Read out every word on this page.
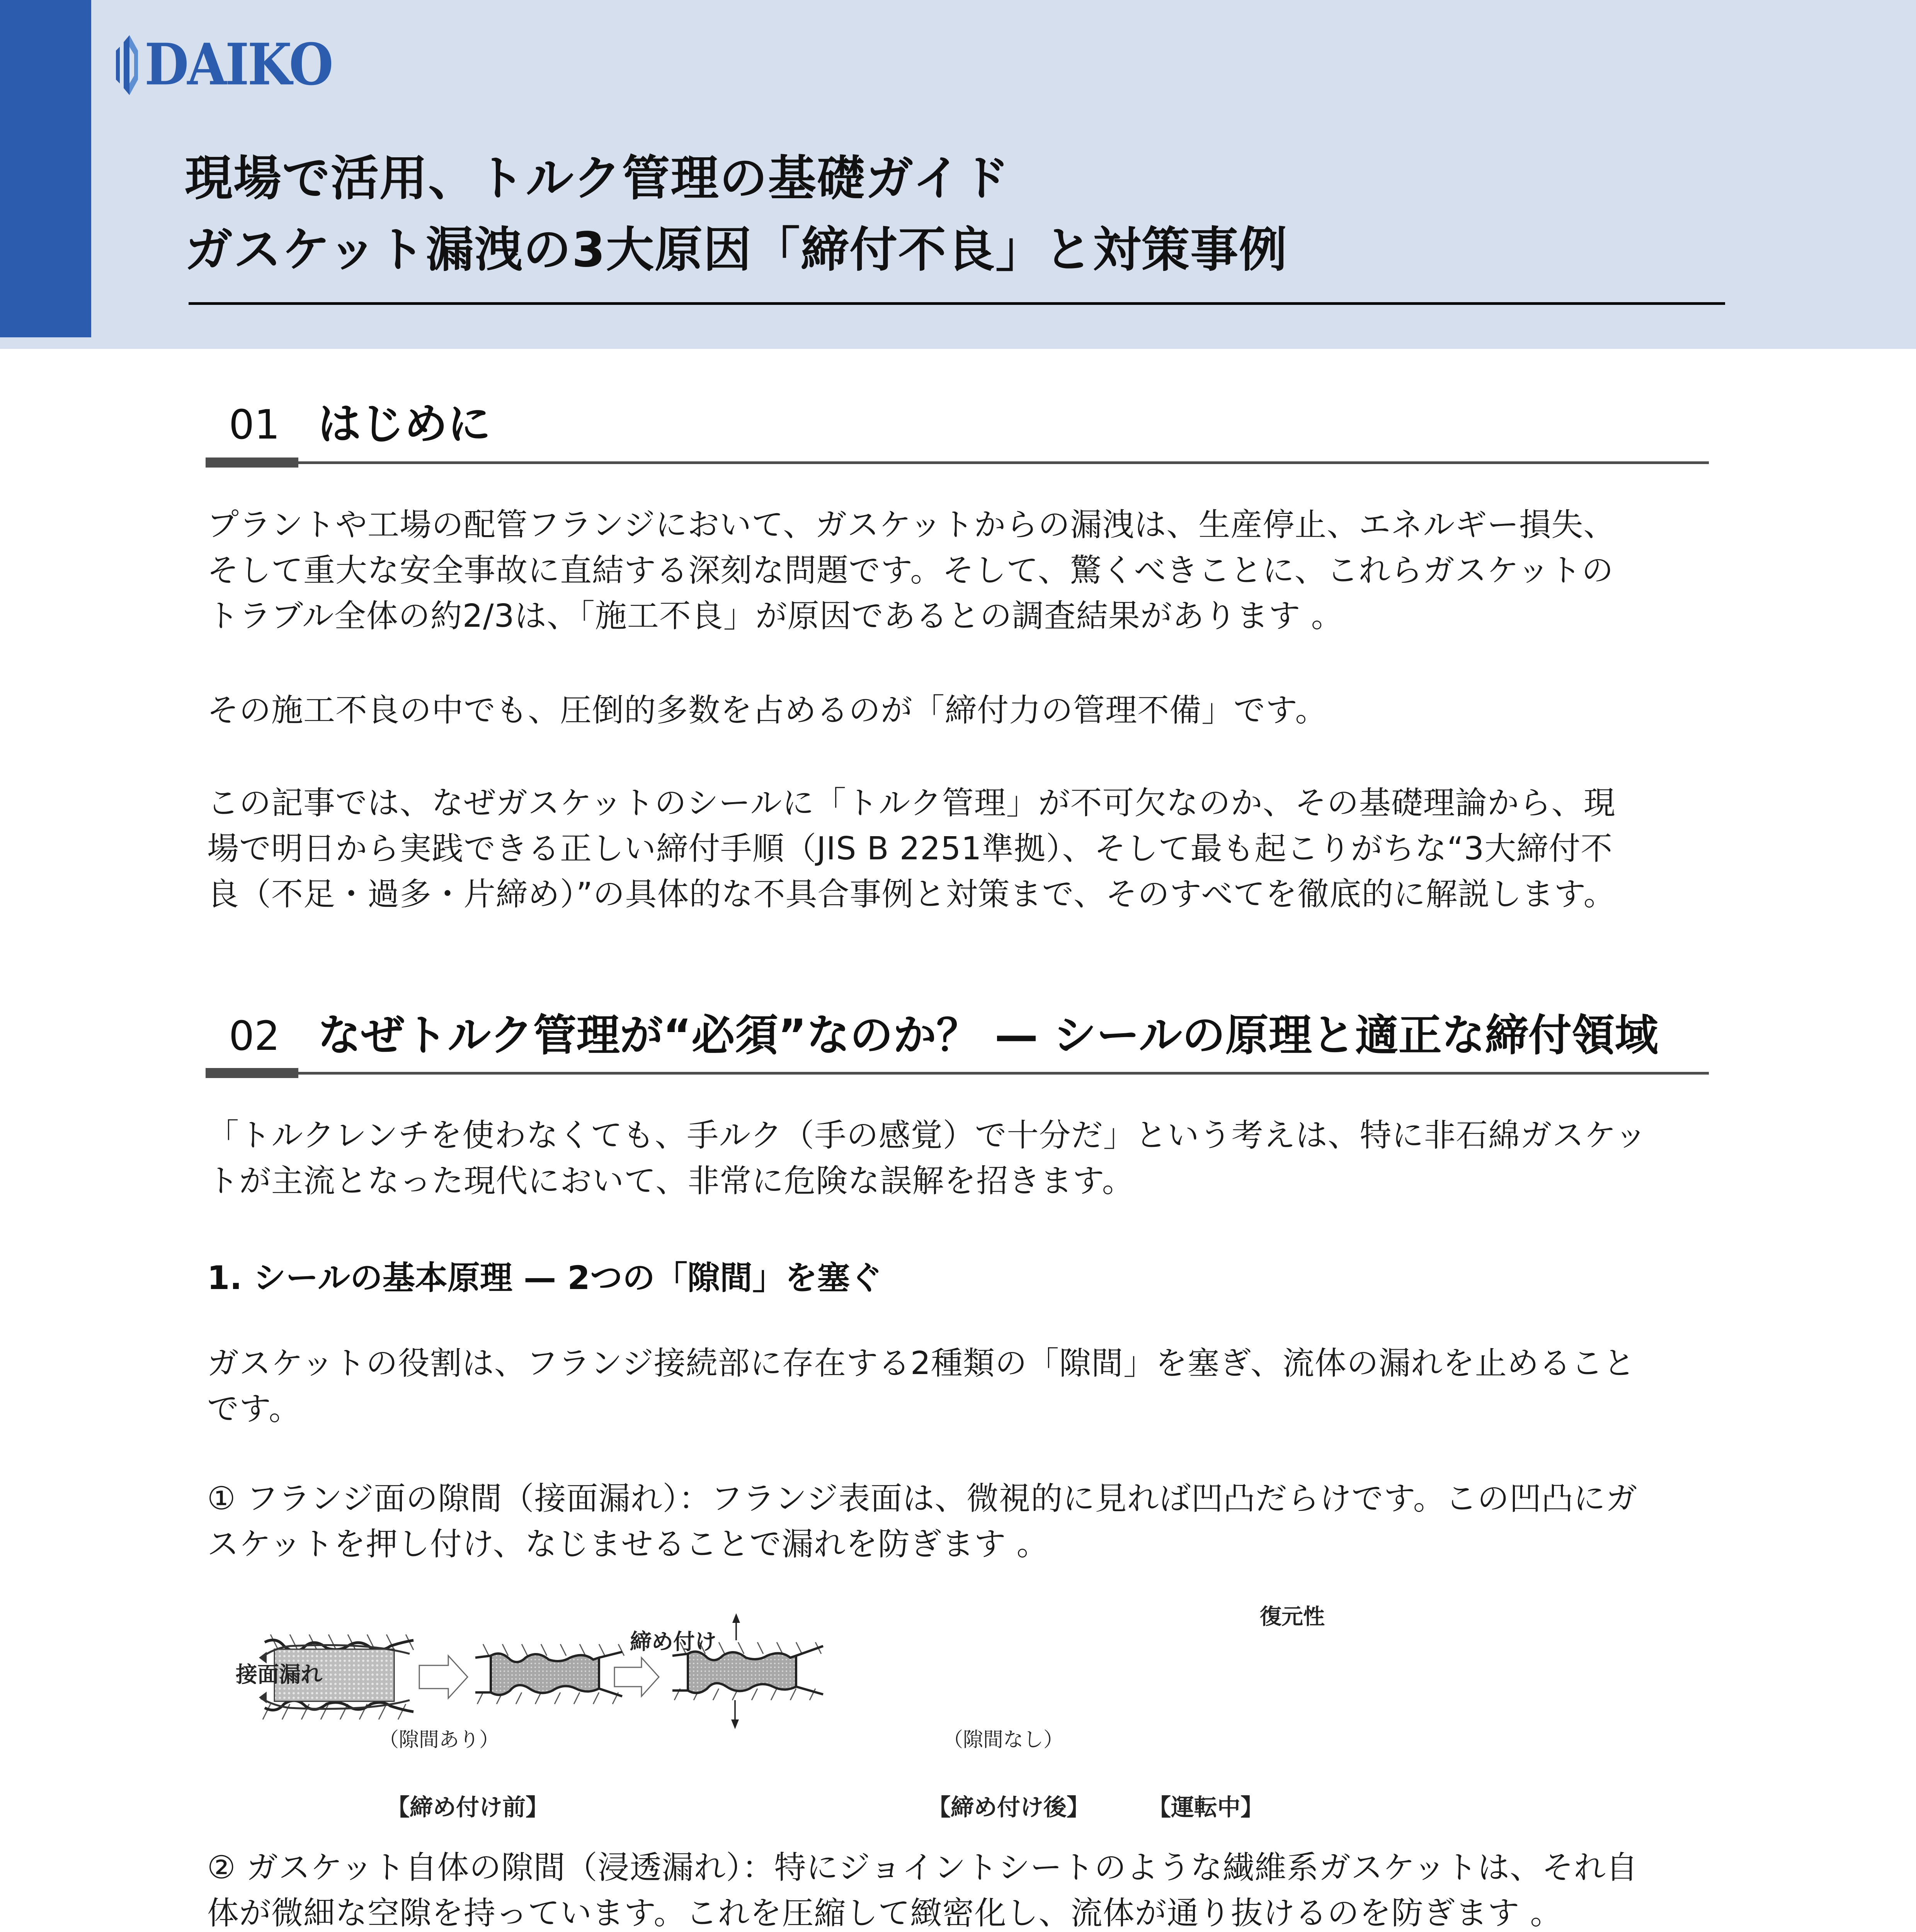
DAIKO
現場で活用、トルク管理の基礎ガイド
ガスケット漏洩の3大原因「締付不良」と対策事例
01 はじめに
プラントや工場の配管フランジにおいて、ガスケットからの漏洩は、生産停止、エネルギー損失、
そして重大な安全事故に直結する深刻な問題です。そして、驚くべきことに、これらガスケットの
トラブル全体の約2/3は、「施工不良」が原因であるとの調査結果があります 。
その施工不良の中でも、圧倒的多数を占めるのが「締付力の管理不備」です。
この記事では、なぜガスケットのシールに「トルク管理」が不可欠なのか、その基礎理論から、現
場で明日から実践できる正しい締付手順（JIS B 2251準拠）、そして最も起こりがちな“3大締付不
良（不足・過多・片締め）”の具体的な不具合事例と対策まで、そのすべてを徹底的に解説します。
02 なぜトルク管理が“必須”なのか？ — シールの原理と適正な締付領域
「トルクレンチを使わなくても、手ルク（手の感覚）で十分だ」という考えは、特に非石綿ガスケッ
トが主流となった現代において、非常に危険な誤解を招きます。
1. シールの基本原理 — 2つの「隙間」を塞ぐ
ガスケットの役割は、フランジ接続部に存在する2種類の「隙間」を塞ぎ、流体の漏れを止めること
です。
① フランジ面の隙間（接面漏れ）：フランジ表面は、微視的に見れば凹凸だらけです。この凹凸にガ
スケットを押し付け、なじませることで漏れを防ぎます 。
接面漏れ
締め付け
復元性
（隙間あり）	（隙間なし）
【締め付け前】	【締め付け後】	【運転中】
② ガスケット自体の隙間（浸透漏れ）：特にジョイントシートのような繊維系ガスケットは、それ自
体が微細な空隙を持っています。これを圧縮して緻密化し、流体が通り抜けるのを防ぎます 。
